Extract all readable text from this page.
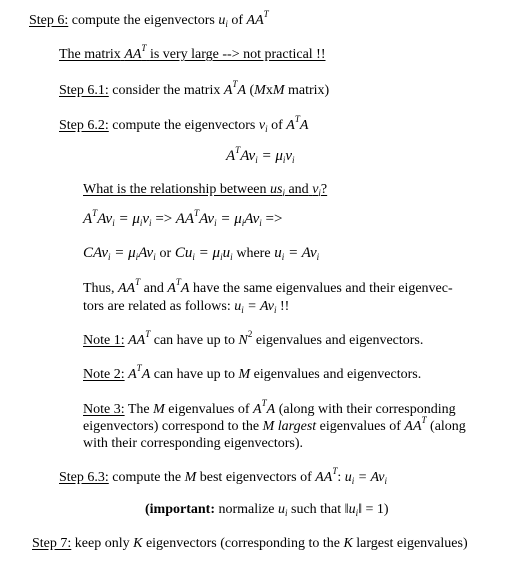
Step 6: compute the eigenvectors $u_i$ of $AA^T$
The matrix $AA^T$ is very large --> not practical !!
Step 6.1: consider the matrix $A^TA$ (MxM matrix)
Step 6.2: compute the eigenvectors $v_i$ of $A^TA$
$A^TAv_i = \mu_iv_i$
What is the relationship between $us_i$ and $v_i$?
$A^TAv_i = \mu_iv_i => AA^TAv_i = \mu_iAv_i$ =>
$CAv_i = \mu_iAv_i$ or $Cu_i = \mu_iu_i$ where $u_i = Av_i$
Thus, $AA^T$ and $A^TA$ have the same eigenvalues and their eigenvec-
tors are related as follows: $u_i = Av_i$ !!
Note 1: $AA^T$ can have up to $N^2$ eigenvalues and eigenvectors.
Note 2: $A^TA$ can have up to M eigenvalues and eigenvectors.
Note 3: The M eigenvalues of $A^TA$ (along with their corresponding
eigenvectors) correspond to the M largest eigenvalues of $AA^T$ (along
with their corresponding eigenvectors).
Step 6.3: compute the M best eigenvectors of $AA^T$: $u_i = Av_i$
(important: normalize $u_i$ such that $‖u_i‖ = 1$)
Step 7: keep only K eigenvectors (corresponding to the K largest eigenvalues)
